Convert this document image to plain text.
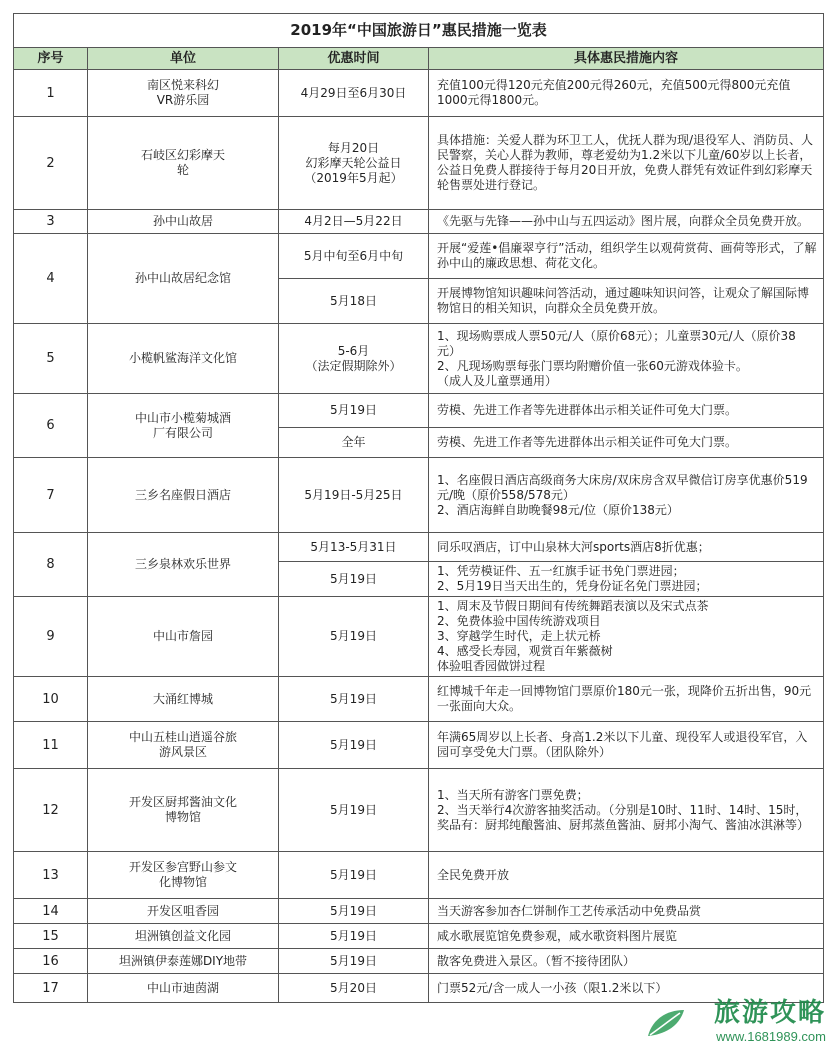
2019年“中国旅游日”惠民措施一览表			
序号	单位	优惠时间	具体惠民措施内容
1	南区悦来科幻
VR游乐园	4月29日至6月30日	充值100元得120元充值200元得260元，充值500元得800元充值1000元得1800元。
2	石岐区幻彩摩天
轮	每月20日
幻彩摩天轮公益日
（2019年5月起）	具体措施：关爱人群为环卫工人，优抚人群为现/退役军人、消防员、人民警察，关心人群为教师，尊老爱幼为1.2米以下儿童/60岁以上长者，公益日免费人群接待于每月20日开放，免费人群凭有效证件到幻彩摩天轮售票处进行登记。
3	孙中山故居	4月2日—5月22日	《先驱与先锋——孙中山与五四运动》图片展，向群众全员免费开放。
4	孙中山故居纪念馆	5月中旬至6月中旬	开展“爱莲•倡廉翠亨行”活动，组织学生以观荷赏荷、画荷等形式，了解孙中山的廉政思想、荷花文化。
		5月18日	开展博物馆知识趣味问答活动，通过趣味知识问答，让观众了解国际博物馆日的相关知识，向群众全员免费开放。
5	小榄帆鲨海洋文化馆	5-6月
（法定假期除外）	1、现场购票成人票50元/人（原价68元）；儿童票30元/人（原价38元）
2、凡现场购票每张门票均附赠价值一张60元游戏体验卡。
（成人及儿童票通用）
6	中山市小榄菊城酒
厂有限公司	5月19日	劳模、先进工作者等先进群体出示相关证件可免大门票。
		全年	劳模、先进工作者等先进群体出示相关证件可免大门票。
7	三乡名座假日酒店	5月19日-5月25日	1、名座假日酒店高级商务大床房/双床房含双早微信订房享优惠价519元/晚（原价558/578元）
2、酒店海鲜自助晚餐98元/位（原价138元）
8	三乡泉林欢乐世界	5月13-5月31日	同乐叹酒店，订中山泉林大河sports酒店8折优惠；
		5月19日	1、凭劳模证件、五一红旗手证书免门票进园；
2、5月19日当天出生的，凭身份证名免门票进园；
9	中山市詹园	5月19日	1、周末及节假日期间有传统舞蹈表演以及宋式点茶
2、免费体验中国传统游戏项目
3、穿越学生时代，走上状元桥
4、感受长寿园，观赏百年紫薇树
体验咀香园做饼过程
10	大涌红博城	5月19日	红博城千年走一回博物馆门票原价180元一张，现降价五折出售，90元一张面向大众。
11	中山五桂山逍遥谷旅
游风景区	5月19日	年满65周岁以上长者、身高1.2米以下儿童、现役军人或退役军官，入园可享受免大门票。（团队除外）
12	开发区厨邦酱油文化
博物馆	5月19日	1、当天所有游客门票免费；
2、当天举行4次游客抽奖活动。（分别是10时、11时、14时、15时，奖品有：厨邦纯酿酱油、厨邦蒸鱼酱油、厨邦小淘气、酱油冰淇淋等）
13	开发区参宫野山参文
化博物馆	5月19日	全民免费开放
14	开发区咀香园	5月19日	当天游客参加杏仁饼制作工艺传承活动中免费品赏
15	坦洲镇创益文化园	5月19日	咸水歌展览馆免费参观，咸水歌资料图片展览
16	坦洲镇伊泰莲娜DIY地带	5月19日	散客免费进入景区。（暂不接待团队）
17	中山市迪茵湖	5月20日	门票52元/含一成人一小孩（限1.2米以下）
旅游攻略
www.1681989.com
